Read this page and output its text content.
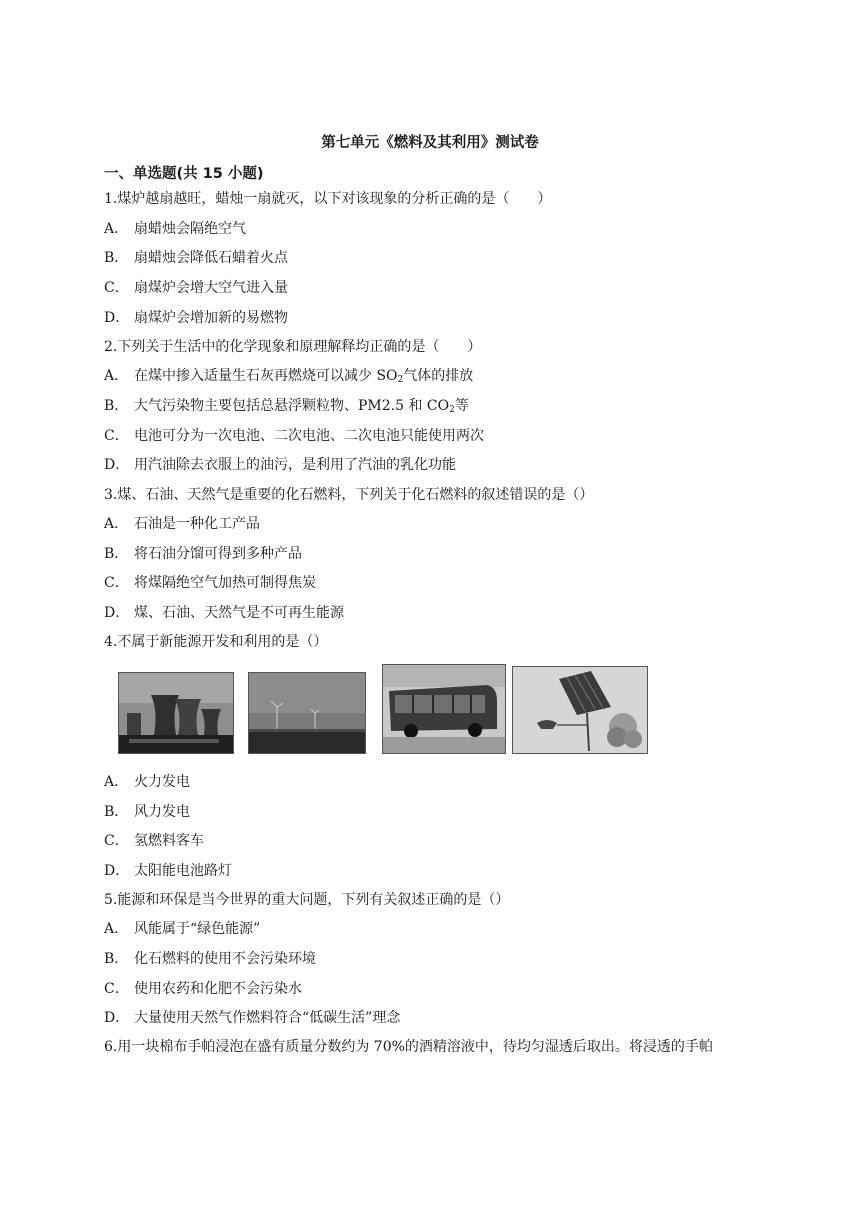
第七单元《燃料及其利用》测试卷
一、单选题(共 15 小题)
1.煤炉越扇越旺，蜡烛一扇就灭，以下对该现象的分析正确的是（　　）
A． 扇蜡烛会隔绝空气
B． 扇蜡烛会降低石蜡着火点
C． 扇煤炉会增大空气进入量
D． 扇煤炉会增加新的易燃物
2.下列关于生活中的化学现象和原理解释均正确的是（　　）
A． 在煤中掺入适量生石灰再燃烧可以减少 $SO_2$气体的排放
B． 大气污染物主要包括总悬浮颗粒物、PM2.5 和 $CO_2$等
C． 电池可分为一次电池、二次电池、二次电池只能使用两次
D． 用汽油除去衣服上的油污，是利用了汽油的乳化功能
3.煤、石油、天然气是重要的化石燃料，下列关于化石燃料的叙述错误的是（）
A． 石油是一种化工产品
B． 将石油分馏可得到多种产品
C． 将煤隔绝空气加热可制得焦炭
D． 煤、石油、天然气是不可再生能源
4.不属于新能源开发和利用的是（）
A． 火力发电
B． 风力发电
C． 氢燃料客车
D． 太阳能电池路灯
5.能源和环保是当今世界的重大问题，下列有关叙述正确的是（）
A． 风能属于“绿色能源”
B． 化石燃料的使用不会污染环境
C． 使用农药和化肥不会污染水
D． 大量使用天然气作燃料符合“低碳生活”理念
6.用一块棉布手帕浸泡在盛有质量分数约为 70%的酒精溶液中，待均匀湿透后取出。将浸透的手帕
